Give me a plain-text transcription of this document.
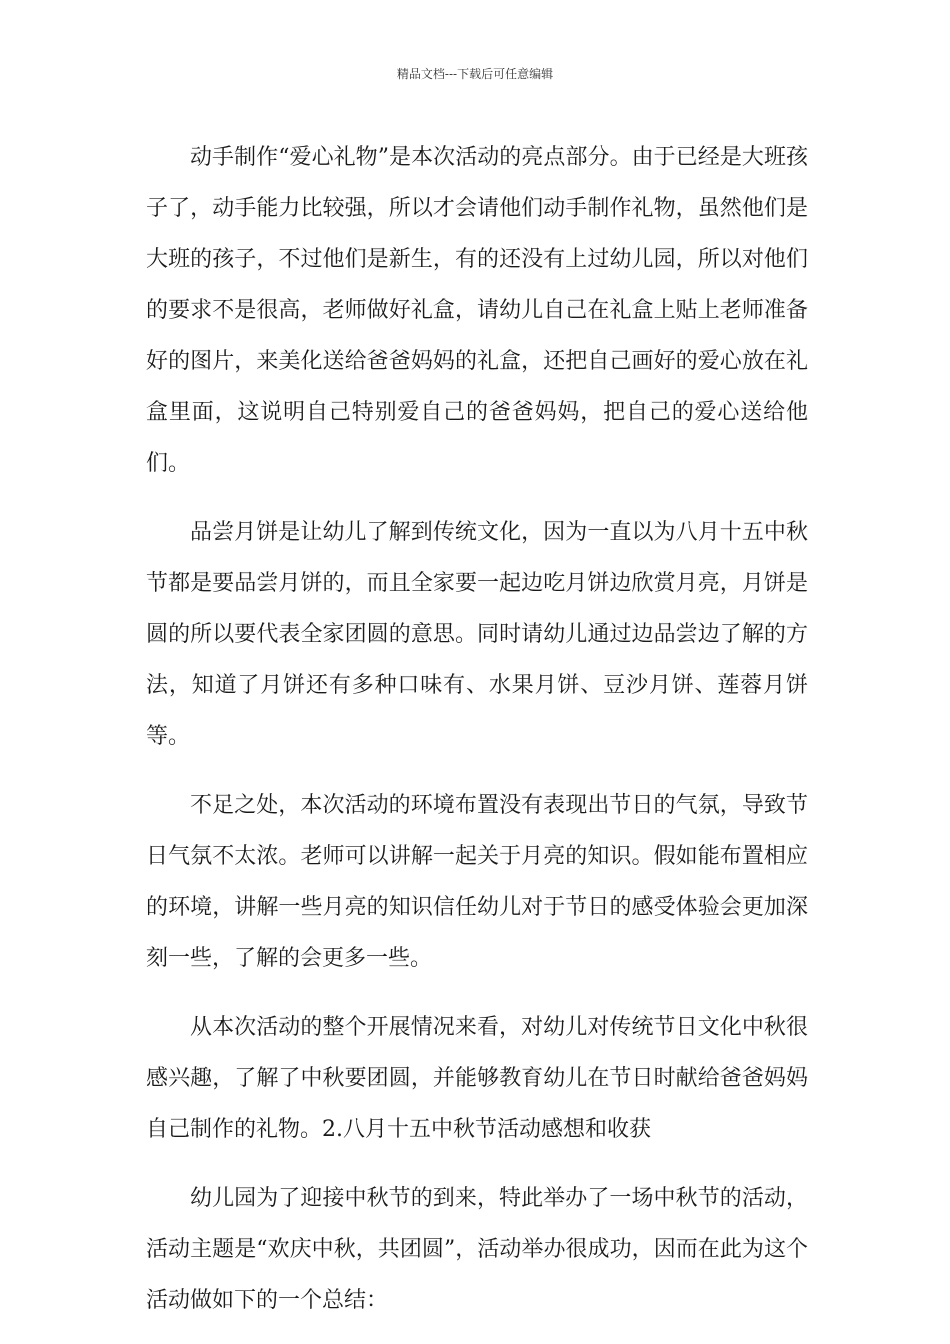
精品文档---下载后可任意编辑

动手制作“爱心礼物”是本次活动的亮点部分。由于已经是大班孩子了，动手能力比较强，所以才会请他们动手制作礼物，虽然他们是大班的孩子，不过他们是新生，有的还没有上过幼儿园，所以对他们的要求不是很高，老师做好礼盒，请幼儿自己在礼盒上贴上老师准备好的图片，来美化送给爸爸妈妈的礼盒，还把自己画好的爱心放在礼盒里面，这说明自己特别爱自己的爸爸妈妈，把自己的爱心送给他们。

品尝月饼是让幼儿了解到传统文化，因为一直以为八月十五中秋节都是要品尝月饼的，而且全家要一起边吃月饼边欣赏月亮，月饼是圆的所以要代表全家团圆的意思。同时请幼儿通过边品尝边了解的方法，知道了月饼还有多种口味有、水果月饼、豆沙月饼、莲蓉月饼等。

不足之处，本次活动的环境布置没有表现出节日的气氛，导致节日气氛不太浓。老师可以讲解一起关于月亮的知识。假如能布置相应的环境，讲解一些月亮的知识信任幼儿对于节日的感受体验会更加深刻一些，了解的会更多一些。

从本次活动的整个开展情况来看，对幼儿对传统节日文化中秋很感兴趣，了解了中秋要团圆，并能够教育幼儿在节日时献给爸爸妈妈自己制作的礼物。2.八月十五中秋节活动感想和收获

幼儿园为了迎接中秋节的到来，特此举办了一场中秋节的活动，活动主题是“欢庆中秋，共团圆”，活动举办很成功，因而在此为这个活动做如下的一个总结：
